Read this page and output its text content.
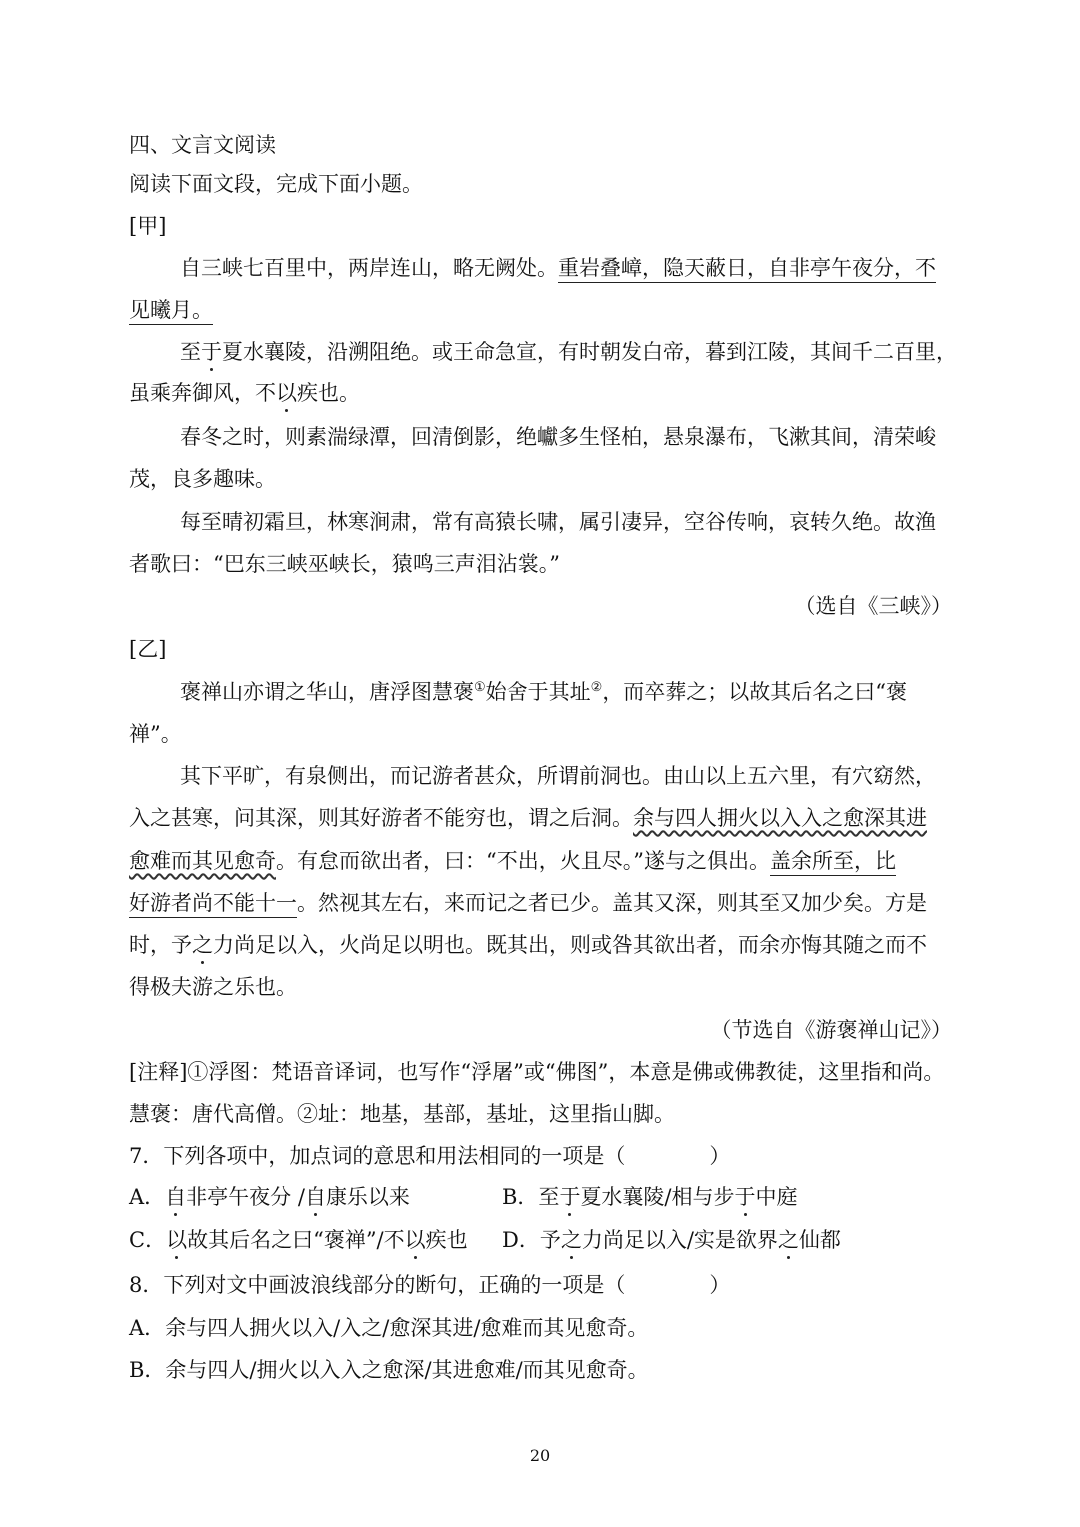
四、文言文阅读
阅读下面文段，完成下面小题。
[甲]
自三峡七百里中，两岸连山，略无阙处。重岩叠嶂，隐天蔽日，自非亭午夜分，不
见曦月。
至于夏水襄陵，沿溯阻绝。或王命急宣，有时朝发白帝，暮到江陵，其间千二百里，
虽乘奔御风，不以疾也。
春冬之时，则素湍绿潭，回清倒影，绝巘多生怪柏，悬泉瀑布，飞漱其间，清荣峻
茂，良多趣味。
每至晴初霜旦，林寒涧肃，常有高猿长啸，属引凄异，空谷传响，哀转久绝。故渔
者歌曰：“巴东三峡巫峡长，猿鸣三声泪沾裳。”
（选自《三峡》）
[乙]
褒禅山亦谓之华山，唐浮图慧褒①始舍于其址②，而卒葬之；以故其后名之曰“褒
禅”。
其下平旷，有泉侧出，而记游者甚众，所谓前洞也。由山以上五六里，有穴窈然，
入之甚寒，问其深，则其好游者不能穷也，谓之后洞。余与四人拥火以入入之愈深其进
愈难而其见愈奇。有怠而欲出者，曰：“不出，火且尽。”遂与之俱出。盖余所至，比
好游者尚不能十一。然视其左右，来而记之者已少。盖其又深，则其至又加少矣。方是
时，予之力尚足以入，火尚足以明也。既其出，则或咎其欲出者，而余亦悔其随之而不
得极夫游之乐也。
（节选自《游褒禅山记》）
[注释]①浮图：梵语音译词，也写作“浮屠”或“佛图”，本意是佛或佛教徒，这里指和尚。
慧褒：唐代高僧。②址：地基，基部，基址，这里指山脚。
7．下列各项中，加点词的意思和用法相同的一项是（　　　　）
A．自非亭午夜分 /自康乐以来	B．至于夏水襄陵/相与步于中庭
C．以故其后名之曰“褒禅”/不以疾也 D．予之力尚足以入/实是欲界之仙都
8．下列对文中画波浪线部分的断句，正确的一项是（　　　　）
A．余与四人拥火以入/入之/愈深其进/愈难而其见愈奇。
B．余与四人/拥火以入入之愈深/其进愈难/而其见愈奇。
20
